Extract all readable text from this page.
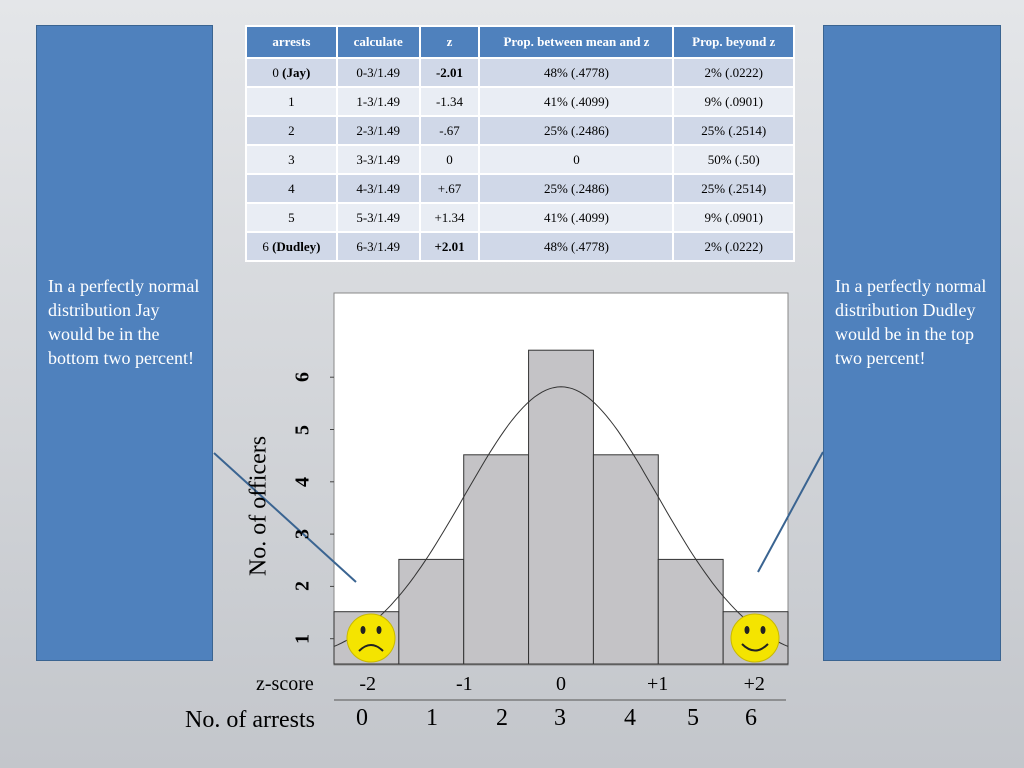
In a perfectly normal distribution Jay would be in the bottom two percent!
In a perfectly normal distribution Dudley would be in the top two percent!
arrests	calculate	z	Prop. between mean and z	Prop. beyond z
0 (Jay)	0-3/1.49	-2.01	48% (.4778)	2% (.0222)
1	1-3/1.49	-1.34	41% (.4099)	9% (.0901)
2	2-3/1.49	-.67	25% (.2486)	25% (.2514)
3	3-3/1.49	0	0	50% (.50)
4	4-3/1.49	+.67	25% (.2486)	25% (.2514)
5	5-3/1.49	+1.34	41% (.4099)	9% (.0901)
6 (Dudley)	6-3/1.49	+2.01	48% (.4778)	2% (.0222)
1
2
3
4
5
6
No. of officers
z-score -2	-1	0	+1	+2
No. of arrests 0 1 2 3 4 5 6
